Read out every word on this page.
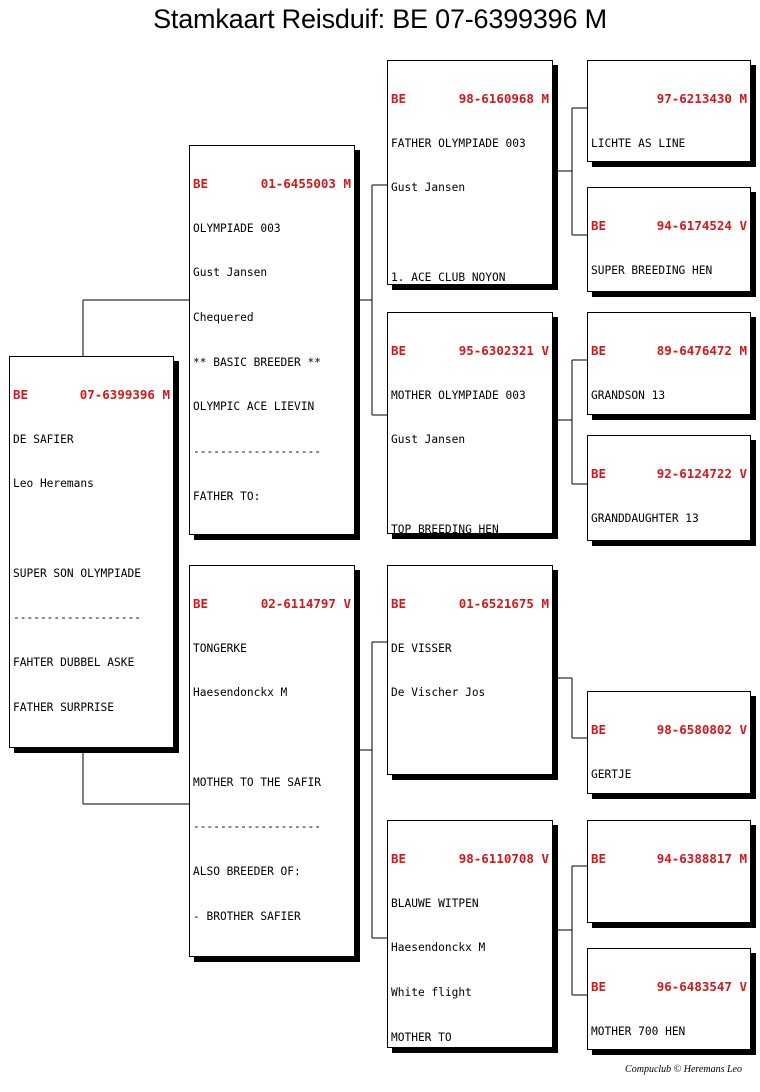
Stamkaart Reisduif: BE 07-6399396 M

BE	07-6399396 M

DE SAFIER

Leo Heremans

SUPER SON OLYMPIADE

-------------------

FAHTER DUBBEL ASKE

FATHER SURPRISE

BE	01-6455003 M

OLYMPIADE 003

Gust Jansen

Chequered

** BASIC BREEDER **

OLYMPIC ACE LIEVIN

-------------------

FATHER TO:

BE	02-6114797 V

TONGERKE

Haesendonckx M

MOTHER TO THE SAFIR

-------------------

ALSO BREEDER OF:

- BROTHER SAFIER

BE	98-6160968 M

FATHER OLYMPIADE 003

Gust Jansen

1. ACE CLUB NOYON

BE	95-6302321 V

MOTHER OLYMPIADE 003

Gust Jansen

TOP BREEDING HEN

BE	01-6521675 M

DE VISSER

De Vischer Jos

BE	98-6110708 V

BLAUWE WITPEN

Haesendonckx M

White flight

MOTHER TO

97-6213430 M

LICHTE AS LINE

BE	94-6174524 V

SUPER BREEDING HEN

BE	89-6476472 M

GRANDSON 13

BE	92-6124722 V

GRANDDAUGHTER 13

BE	98-6580802 V

GERTJE

BE	94-6388817 M

BE	96-6483547 V

MOTHER 700 HEN

Compuclub © Heremans Leo
